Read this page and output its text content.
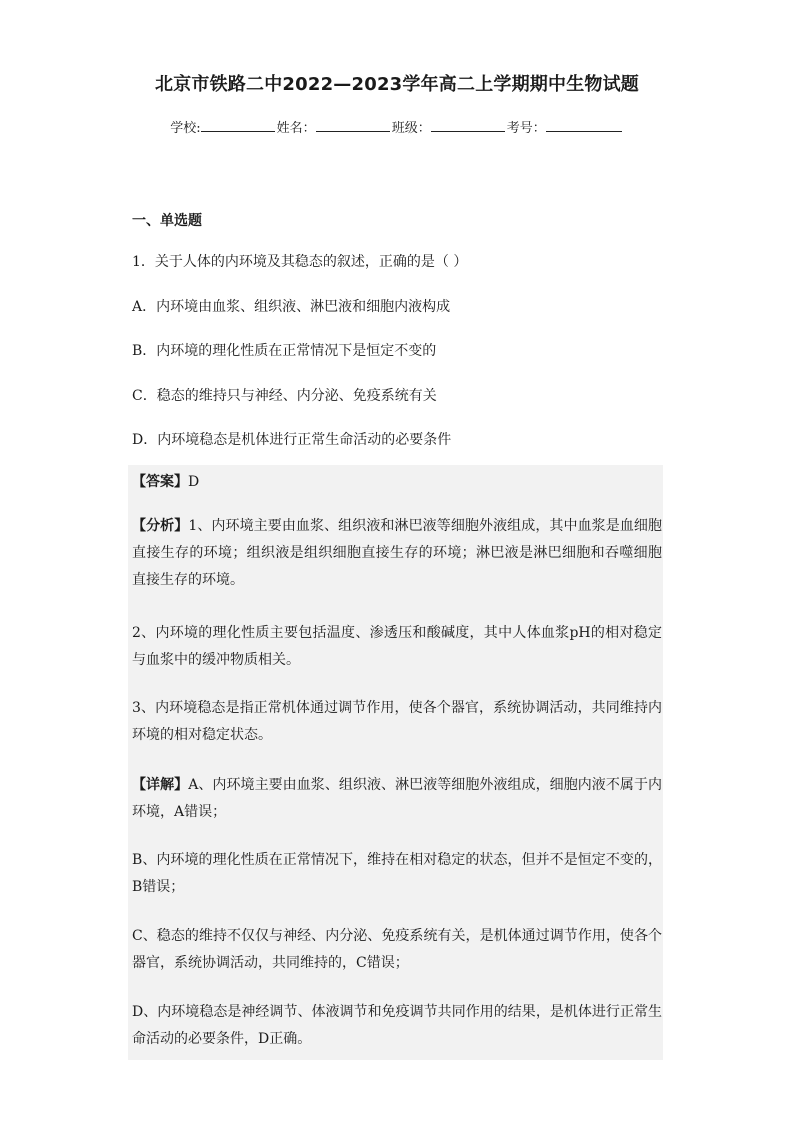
北京市铁路二中2022—2023学年高二上学期期中生物试题
学校:	姓名：	班级：	考号：
一、单选题
1．关于人体的内环境及其稳态的叙述，正确的是（ ）
A．内环境由血浆、组织液、淋巴液和细胞内液构成
B．内环境的理化性质在正常情况下是恒定不变的
C．稳态的维持只与神经、内分泌、免疫系统有关
D．内环境稳态是机体进行正常生命活动的必要条件
【答案】D
【分析】1、内环境主要由血浆、组织液和淋巴液等细胞外液组成，其中血浆是血细胞直接生存的环境；组织液是组织细胞直接生存的环境；淋巴液是淋巴细胞和吞噬细胞直接生存的环境。
2、内环境的理化性质主要包括温度、渗透压和酸碱度，其中人体血浆pH的相对稳定与血浆中的缓冲物质相关。
3、内环境稳态是指正常机体通过调节作用，使各个器官，系统协调活动，共同维持内环境的相对稳定状态。
【详解】A、内环境主要由血浆、组织液、淋巴液等细胞外液组成，细胞内液不属于内环境，A错误；
B、内环境的理化性质在正常情况下，维持在相对稳定的状态，但并不是恒定不变的，B错误；
C、稳态的维持不仅仅与神经、内分泌、免疫系统有关，是机体通过调节作用，使各个器官，系统协调活动，共同维持的，C错误；
D、内环境稳态是神经调节、体液调节和免疫调节共同作用的结果，是机体进行正常生命活动的必要条件，D正确。
